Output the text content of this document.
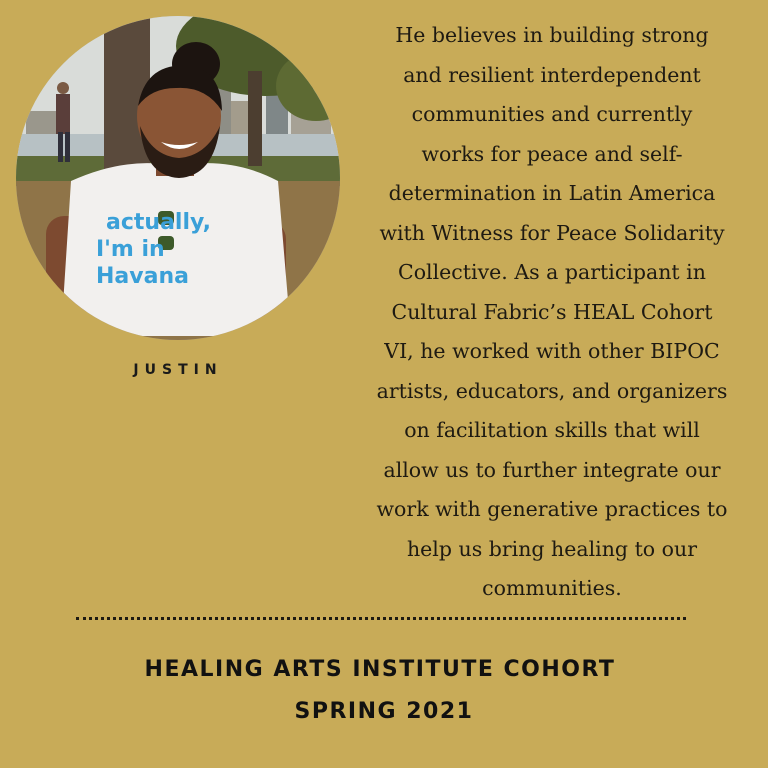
actually,
I'm in
Havana
JUSTIN

He believes in building strong
and resilient interdependent
communities and currently
works for peace and self-
determination in Latin America
with Witness for Peace Solidarity
Collective. As a participant in
Cultural Fabric’s HEAL Cohort
VI, he worked with other BIPOC
artists, educators, and organizers
on facilitation skills that will
allow us to further integrate our
work with generative practices to
help us bring healing to our
communities.

HEALING ARTS INSTITUTE COHORT
SPRING 2021
